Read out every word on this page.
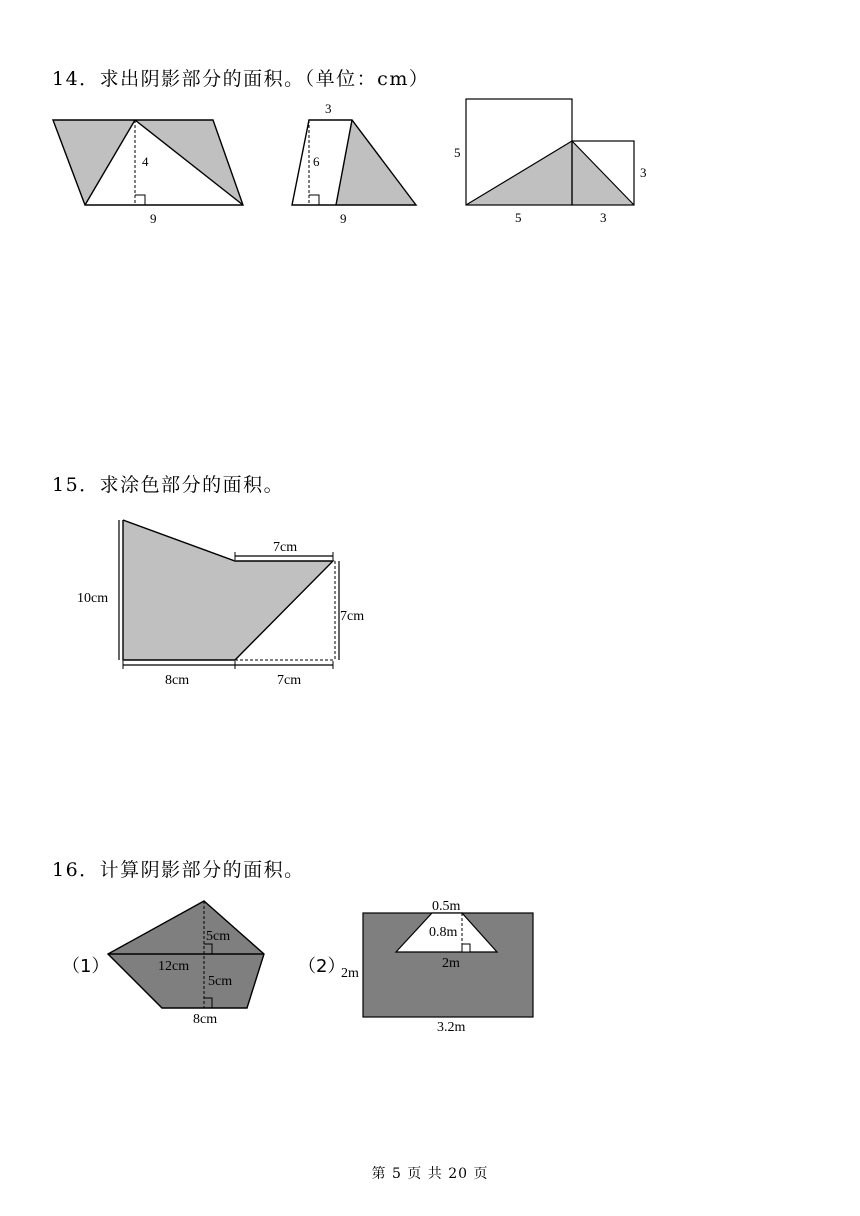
14．求出阴影部分的面积。（单位：cm）
15．求涂色部分的面积。
16．计算阴影部分的面积。
4
9
3
6
9
5
5	3
3
10cm
7cm
7cm
8cm	7cm
（1）	12cm
5cm
5cm
8cm
（2）
0.5m
0.8m
2m
2m
3.2m
第 5 页 共 20 页
